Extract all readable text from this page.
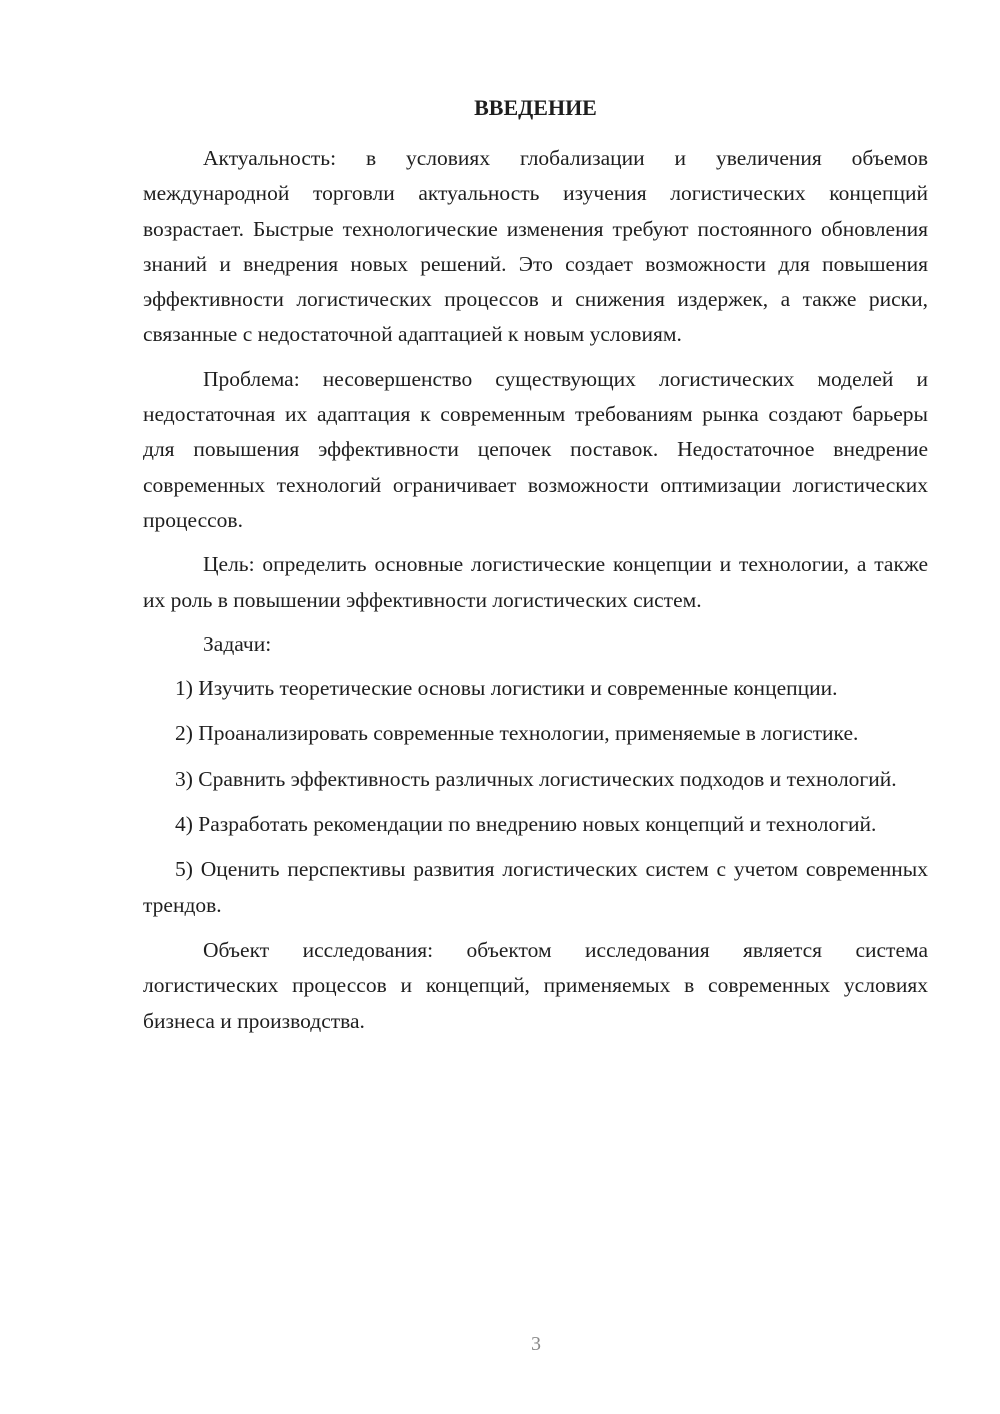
ВВЕДЕНИЕ

Актуальность: в условиях глобализации и увеличения объемов международной торговли актуальность изучения логистических концепций возрастает. Быстрые технологические изменения требуют постоянного обновления знаний и внедрения новых решений. Это создает возможности для повышения эффективности логистических процессов и снижения издержек, а также риски, связанные с недостаточной адаптацией к новым условиям.

Проблема: несовершенство существующих логистических моделей и недостаточная их адаптация к современным требованиям рынка создают барьеры для повышения эффективности цепочек поставок. Недостаточное внедрение современных технологий ограничивает возможности оптимизации логистических процессов.

Цель: определить основные логистические концепции и технологии, а также их роль в повышении эффективности логистических систем.

Задачи:

1) Изучить теоретические основы логистики и современные концепции.

2) Проанализировать современные технологии, применяемые в логистике.

3) Сравнить эффективность различных логистических подходов и технологий.

4) Разработать рекомендации по внедрению новых концепций и технологий.

5) Оценить перспективы развития логистических систем с учетом современных трендов.

Объект исследования: объектом исследования является система логистических процессов и концепций, применяемых в современных условиях бизнеса и производства.

3
